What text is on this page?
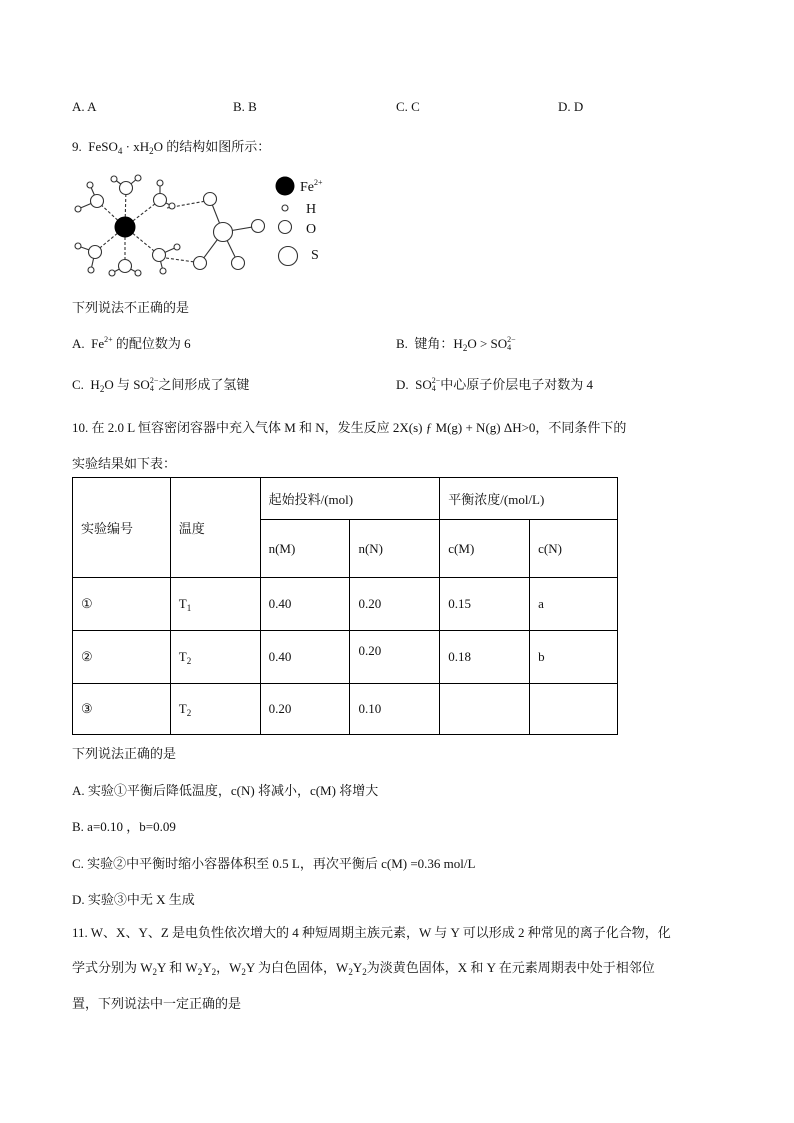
A. A	B. B	C. C	D. D
9. FeSO$_4$ · $xH_2O$ 的结构如图所示：
$Fe^{2+}$
H
O
S
下列说法不正确的是
A. $Fe^{2+}$ 的配位数为 6	B. 键角：$H_2O$ > SO 2−
4
C. $H_2O$ 与 SO 2−
4 之间形成了氢键	D. SO 2−
4 中心原子价层电子对数为 4
10. 在 2.0 L 恒容密闭容器中充入气体 M 和 N，发生反应 2X(s) ƒ M(g) + N(g) ΔH>0，不同条件下的
实验结果如下表：
实验编号	温度	起始投料/(mol)		平衡浓度/(mol/L)	
		n(M)	n(N)	c(M)	c(N)
①	$T_1$	0.40	0.20	0.15	a
②	$T_2$	0.40	0.20	0.18	b
③	$T_2$	0.20	0.10		
下列说法正确的是
A. 实验①平衡后降低温度，c(N) 将减小，c(M) 将增大
B. a=0.10 ，b=0.09
C. 实验②中平衡时缩小容器体积至 0.5 L，再次平衡后 c(M) =0.36 mol/L
D. 实验③中无 X 生成
11. W、X、Y、Z 是电负性依次增大的 4 种短周期主族元素，W 与 Y 可以形成 2 种常见的离子化合物，化
学式分别为 $W_2Y$ 和 $W_2Y_2$，$W_2Y$ 为白色固体，$W_2Y_2$为淡黄色固体，X 和 Y 在元素周期表中处于相邻位
置，下列说法中一定正确的是
